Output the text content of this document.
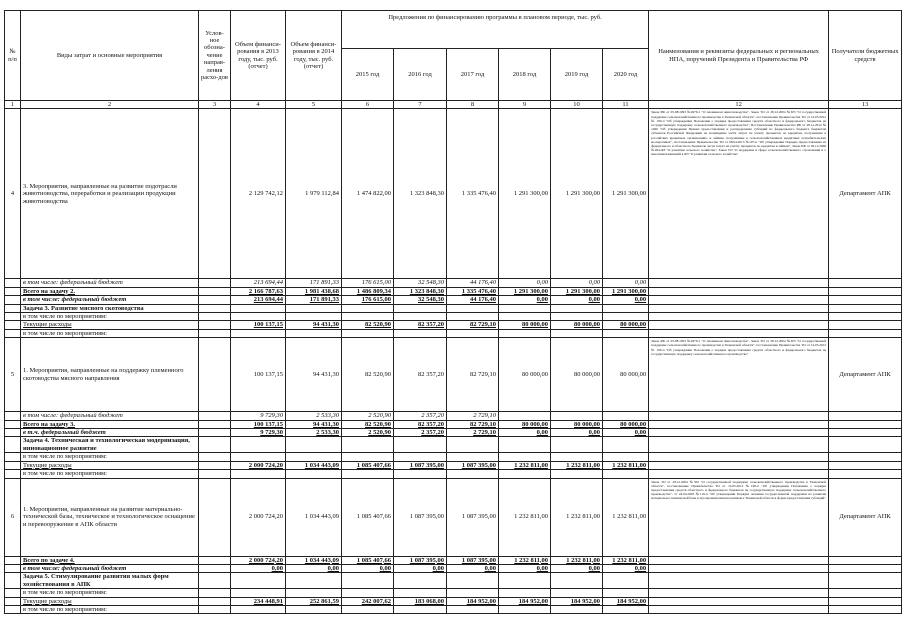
№ п/п	Виды затрат и основные мероприятия	Услов-ное обозна-чение направ-ления расхо-дов	Объем финанси-рования в 2013 году, тыс. руб. (отчет)	Объем финанси-рования в 2014 году, тыс. руб. (отчет)	Предложения по финансированию программы в плановом периоде, тыс. руб.						Наименования и реквизиты федеральных и региональных НПА, поручений Президента и Правительства РФ	Получатели бюджетных средств
					2015 год	2016 год	2017 год	2018 год	2019 год	2020 год		
1	2	3	4	5	6	7	8	9	10	11	12	13
4	3. Мероприятия, направленные на развитие подотрасли животноводства, переработки и реализации продукции животноводства		2 129 742,12	1 979 112,84	1 474 822,00	1 323 848,30	1 335 476,40	1 291 300,00	1 291 300,00	1 291 300,00	Закон РФ от 05.08.1993 №4979-1 "О племенном животноводстве", Закон ТО от 28.12.2004 №303 "О государственной поддержке сельскохозяйственного производства в Тюменской области", постановление Правительства ТО от 14.05.2012 № 190-п "Об утверждении Положения о порядке предоставления средств областного и федерального бюджетов на государственную поддержку сельскохозяйственного производства", Постановление Правительства РФ от 28.12.2012 № 1460 "Об утверждении Правил предоставления и распределения субсидий из федерального бюджета бюджетам субъектов Российской Федерации на возмещение части затрат на уплату процентов по кредитам, полученным в российских кредитных организациях, и займам, полученным в сельскохозяйственных кредитных потребительских кооперативах", постановление Правительства ТО от 08.04.2013 №107-п "Об утверждении Порядка предоставления из федерального и областного бюджетов части затрат на уплату процентов по кредитам и займам", Закон РФ от 29.12.2006 №264-ФЗ "О развитии сельского хозяйства", Закон ТО "О поддержке в сфере сельскохозяйственного страхования и о внесении изменений в ФЗ "О развитии сельского хозяйства"	Департамент АПК
	в том числе: федеральный бюджет		213 694,44	171 891,33	176 615,00	32 548,30	44 176,40	0,00	0,00	0,00		
	Всего на задачу 2.		2 166 787,63	1 981 438,68	1 486 809,34	1 323 848,30	1 335 476,40	1 291 300,00	1 291 300,00	1 291 300,00		
	в том числе: федеральный бюджет		213 694,44	171 891,33	176 615,00	32 548,30	44 176,40	0,00	0,00	0,00		
	Задача 3. Развитие мясного скотоводства											
	в том числе по мероприятиям:											
	Текущие расходы		100 137,15	94 431,30	82 520,90	82 357,20	82 729,10	80 000,00	80 000,00	80 000,00		
	в том числе по мероприятиям:											
5	1. Мероприятия, направленные на поддержку племенного скотоводства мясного направления		100 137,15	94 431,30	82 520,90	82 357,20	82 729,10	80 000,00	80 000,00	80 000,00	Закон РФ от 05.08.1993 №4979-1 "О племенном животноводстве", Закон ТО от 28.12.2004 №303 "О государственной поддержке сельскохозяйственного производства в Тюменской области", постановление Правительства ТО от 14.05.2012 № 190-п "Об утверждении Положения о порядке предоставления средств областного и федерального бюджетов на государственную поддержку сельскохозяйственного производства"	Департамент АПК
	в том числе: федеральный бюджет		9 729,30	2 533,30	2 520,90	2 357,20	2 729,10					
	Всего на задачу 3.		100 137,15	94 431,30	82 520,90	82 357,20	82 729,10	80 000,00	80 000,00	80 000,00		
	в т.ч. федеральный бюджет		9 729,30	2 533,30	2 520,90	2 357,20	2 729,10	0,00	0,00	0,00		
	Задача 4. Техническая и технологическая модернизация, инновационное развитие											
	в том числе по мероприятиям:											
	Текущие расходы		2 000 724,20	1 034 443,09	1 085 407,66	1 087 395,00	1 087 395,00	1 232 811,00	1 232 811,00	1 232 811,00		
	в том числе по мероприятиям:											
6	1. Мероприятия, направленные на развитие материально-технической базы, техническое и технологическое оснащение и перевооружение в АПК области		2 000 724,20	1 034 443,09	1 085 407,66	1 087 395,00	1 087 395,00	1 232 811,00	1 232 811,00	1 232 811,00	Закон ТО от 28.12.2004 №303 "О государственной поддержке сельскохозяйственного производства в Тюменской области", постановление Правительства ТО от 14.05.2012 №190-п "Об утверждении Положения о порядке предоставления средств областного и федерального бюджетов на государственную поддержку сельскохозяйственного производства", от 24.04.2003 №119-п "Об утверждении Порядка оказания государственной поддержки на развитие материально-технической базы в агропромышленном комплексе Тюменской области в форме предоставления субсидий"	Департамент АПК
	Всего по задаче 4.		2 000 724,20	1 034 443,09	1 085 407,66	1 087 395,00	1 087 395,00	1 232 811,00	1 232 811,00	1 232 811,00		
	в том числе: федеральный бюджет		0,00	0,00	0,00	0,00	0,00	0,00	0,00	0,00		
	Задача 5. Стимулирование развития малых форм хозяйствования в АПК											
	в том числе по мероприятиям:											
	Текущие расходы		234 448,91	252 861,59	242 007,62	183 068,00	184 952,00	184 952,00	184 952,00	184 952,00		
	в том числе по мероприятиям:											
